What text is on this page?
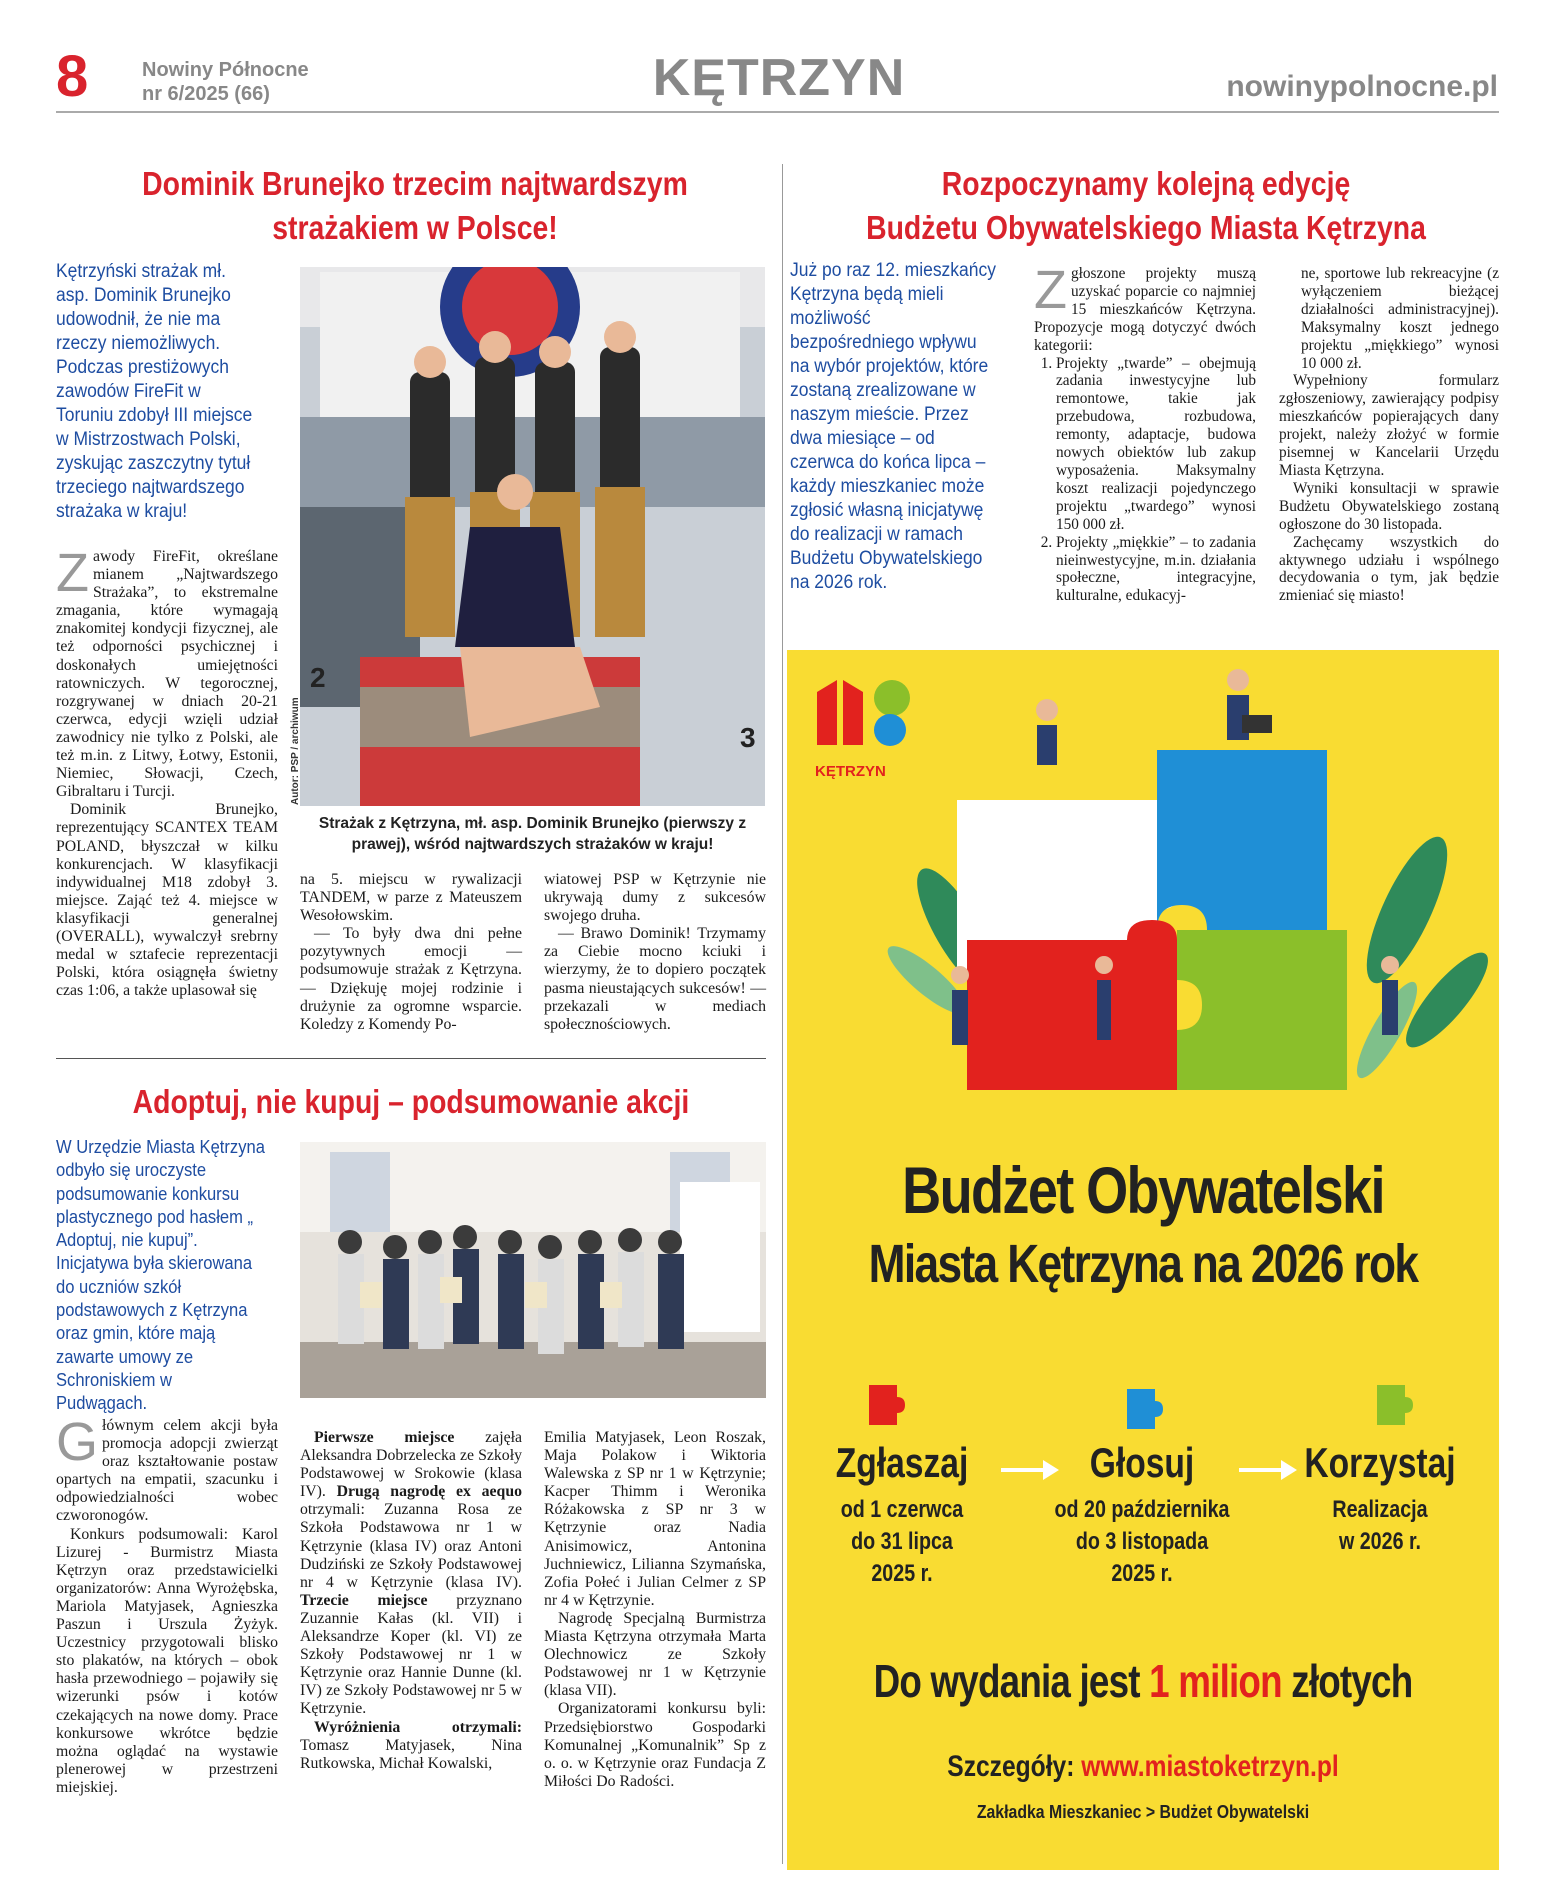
8	Nowiny Północne
nr 6/2025 (66)	KĘTRZYN	nowinypolnocne.pl
Dominik Brunejko trzecim najtwardszym
strażakiem w Polsce!
Kętrzyński strażak mł. asp. Dominik Brunejko udowodnił, że nie ma rzeczy niemożliwych. Podczas prestiżowych zawodów FireFit w Toruniu zdobył III miejsce w Mistrzostwach Polski, zyskując zaszczytny tytuł trzeciego najtwardszego strażaka w kraju!
2
3
Autor: PSP / archiwum
Strażak z Kętrzyna, mł. asp. Dominik Brunejko (pierwszy z prawej), wśród najtwardszych strażaków w kraju!

Zawody FireFit, określane mianem „Najtwardszego Strażaka”, to ekstremalne zmagania, które wymagają znakomitej kondycji fizycznej, ale też odporności psychicznej i doskonałych umiejętności ratowniczych. W tegorocznej, rozgrywanej w dniach 20-21 czerwca, edycji wzięli udział zawodnicy nie tylko z Polski, ale też m.in. z Litwy, Łotwy, Estonii, Niemiec, Słowacji, Czech, Gibraltaru i Turcji.

Dominik Brunejko, reprezentujący SCANTEX TEAM POLAND, błyszczał w kilku konkurencjach. W klasyfikacji indywidualnej M18 zdobył 3. miejsce. Zająć też 4. miejsce w klasyfikacji generalnej (OVERALL), wywalczył srebrny medal w sztafecie reprezentacji Polski, która osiągnęła świetny czas 1:06, a także uplasował się

na 5. miejscu w rywalizacji TANDEM, w parze z Mateuszem Wesołowskim.

— To były dwa dni pełne pozytywnych emocji — podsumowuje strażak z Kętrzyna. — Dziękuję mojej rodzinie i drużynie za ogromne wsparcie. Koledzy z Komendy Po-

wiatowej PSP w Kętrzynie nie ukrywają dumy z sukcesów swojego druha.

— Brawo Dominik! Trzymamy za Ciebie mocno kciuki i wierzymy, że to dopiero początek pasma nieustających sukcesów! — przekazali w mediach społecznościowych.

Rozpoczynamy kolejną edycję
Budżetu Obywatelskiego Miasta Kętrzyna
Już po raz 12. mieszkańcy Kętrzyna będą mieli możliwość bezpośredniego wpływu na wybór projektów, które zostaną zrealizowane w naszym mieście. Przez dwa miesiące – od czerwca do końca lipca – każdy mieszkaniec może zgłosić własną inicjatywę do realizacji w ramach Budżetu Obywatelskiego na 2026 rok.

Zgłoszone projekty muszą uzyskać poparcie co najmniej 15 mieszkańców Kętrzyna. Propozycje mogą dotyczyć dwóch kategorii:

1. Projekty „twarde” – obejmują zadania inwestycyjne lub remontowe, takie jak przebudowa, rozbudowa, remonty, adaptacje, budowa nowych obiektów lub zakup wyposażenia. Maksymalny koszt realizacji pojedynczego projektu „twardego” wynosi 150 000 zł.
2. Projekty „miękkie” – to zadania nieinwestycyjne, m.in. działania społeczne, integracyjne, kulturalne, edukacyj-

ne, sportowe lub rekreacyjne (z wyłączeniem bieżącej działalności administracyjnej). Maksymalny koszt jednego projektu „miękkiego” wynosi 10 000 zł.

Wypełniony formularz zgłoszeniowy, zawierający podpisy mieszkańców popierających dany projekt, należy złożyć w formie pisemnej w Kancelarii Urzędu Miasta Kętrzyna.

Wyniki konsultacji w sprawie Budżetu Obywatelskiego zostaną ogłoszone do 30 listopada.

Zachęcamy wszystkich do aktywnego udziału i wspólnego decydowania o tym, jak będzie zmieniać się miasto!

Adoptuj, nie kupuj – podsumowanie akcji
W Urzędzie Miasta Kętrzyna odbyło się uroczyste podsumowanie konkursu plastycznego pod hasłem „ Adoptuj, nie kupuj”. Inicjatywa była skierowana do uczniów szkół podstawowych z Kętrzyna oraz gmin, które mają zawarte umowy ze Schroniskiem w Pudwągach.

Głównym celem akcji była promocja adopcji zwierząt oraz kształtowanie postaw opartych na empatii, szacunku i odpowiedzialności wobec czworonogów.

Konkurs podsumowali: Karol Lizurej - Burmistrz Miasta Kętrzyn oraz przedstawicielki organizatorów: Anna Wyrożębska, Mariola Matyjasek, Agnieszka Paszun i Urszula Żyżyk. Uczestnicy przygotowali blisko sto plakatów, na których – obok hasła przewodniego – pojawiły się wizerunki psów i kotów czekających na nowe domy. Prace konkursowe wkrótce będzie można oglądać na wystawie plenerowej w przestrzeni miejskiej.

Pierwsze miejsce zajęła Aleksandra Dobrzelecka ze Szkoły Podstawowej w Srokowie (klasa IV). Drugą nagrodę ex aequo otrzymali: Zuzanna Rosa ze Szkoła Podstawowa nr 1 w Kętrzynie (klasa IV) oraz Antoni Dudziński ze Szkoły Podstawowej nr 4 w Kętrzynie (klasa IV). Trzecie miejsce przyznano Zuzannie Kałas (kl. VII) i Aleksandrze Koper (kl. VI) ze Szkoły Podstawowej nr 1 w Kętrzynie oraz Hannie Dunne (kl. IV) ze Szkoły Podstawowej nr 5 w Kętrzynie.

Wyróżnienia otrzymali: Tomasz Matyjasek, Nina Rutkowska, Michał Kowalski,

Emilia Matyjasek, Leon Roszak, Maja Polakow i Wiktoria Walewska z SP nr 1 w Kętrzynie; Kacper Thimm i Weronika Różakowska z SP nr 3 w Kętrzynie oraz Nadia Anisimowicz, Antonina Juchniewicz, Lilianna Szymańska, Zofia Połeć i Julian Celmer z SP nr 4 w Kętrzynie.

Nagrodę Specjalną Burmistrza Miasta Kętrzyna otrzymała Marta Olechnowicz ze Szkoły Podstawowej nr 1 w Kętrzynie (klasa VII).

Organizatorami konkursu byli: Przedsiębiorstwo Gospodarki Komunalnej „Komunalnik” Sp z o. o. w Kętrzynie oraz Fundacja Z Miłości Do Radości.

KĘTRZYN
Budżet Obywatelski
Miasta Kętrzyna na 2026 rok
Zgłaszaj	Głosuj	Korzystaj
od 1 czerwca
do 31 lipca
2025 r.
od 20 października
do 3 listopada
2025 r.
Realizacja
w 2026 r.
Do wydania jest 1 milion złotych
Szczegóły: www.miastoketrzyn.pl
Zakładka Mieszkaniec > Budżet Obywatelski
